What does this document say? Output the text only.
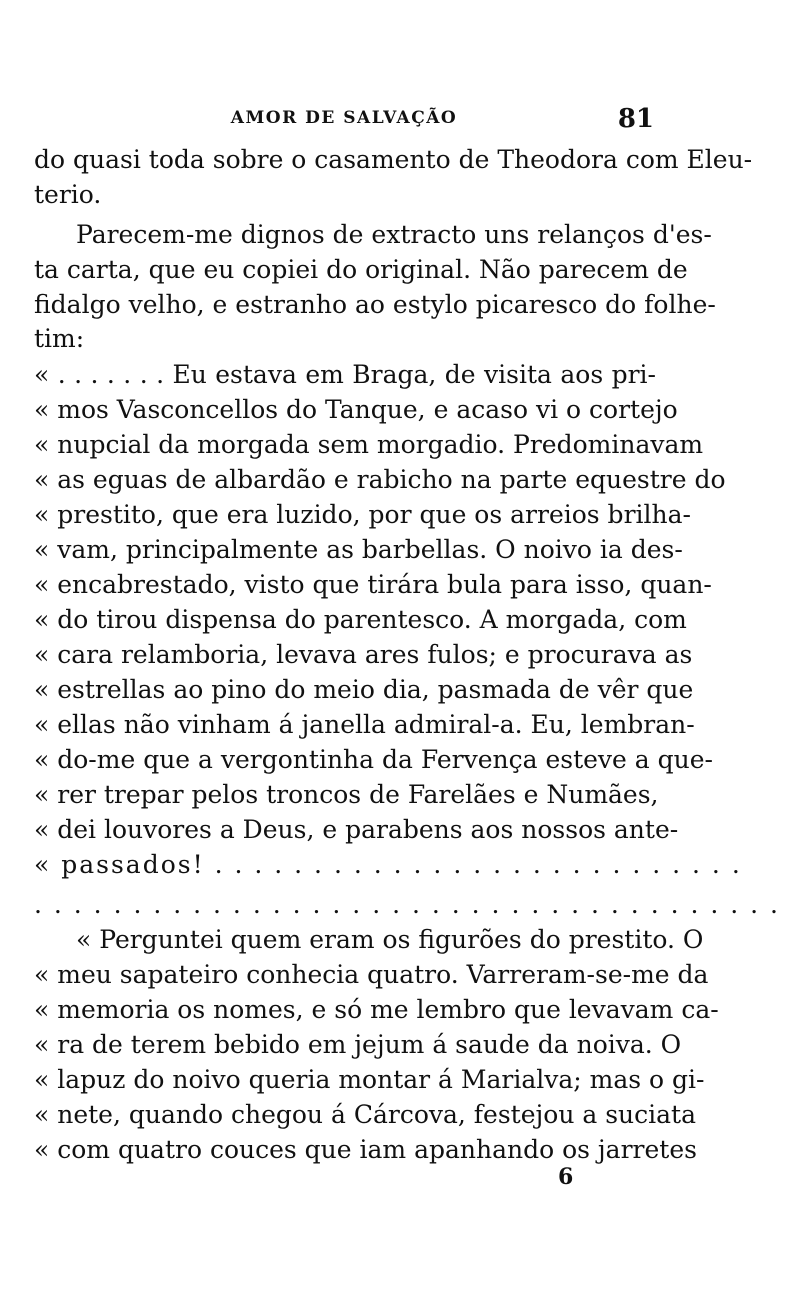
AMOR DE SALVAÇÃO	81
do quasi toda sobre o casamento de Theodora com Eleu-
terio.
Parecem-me dignos de extracto uns relanços d'es-
ta carta, que eu copiei do original. Não parecem de
fidalgo velho, e estranho ao estylo picaresco do folhe-
tim:
« . . . . . . . Eu estava em Braga, de visita aos pri-
« mos Vasconcellos do Tanque, e acaso vi o cortejo
« nupcial da morgada sem morgadio. Predominavam
« as eguas de albardão e rabicho na parte equestre do
« prestito, que era luzido, por que os arreios brilha-
« vam, principalmente as barbellas. O noivo ia des-
« encabrestado, visto que tirára bula para isso, quan-
« do tirou dispensa do parentesco. A morgada, com
« cara relamboria, levava ares fulos; e procurava as
« estrellas ao pino do meio dia, pasmada de vêr que
« ellas não vinham á janella admiral-a. Eu, lembran-
« do-me que a vergontinha da Fervença esteve a que-
« rer trepar pelos troncos de Farelães e Numães,
« dei louvores a Deus, e parabens aos nossos ante-
« passados! . . . . . . . . . . . . . . . . . . . . . . . . . . .
. . . . . . . . . . . . . . . . . . . . . . . . . . . . . . . . . . . . . .
« Perguntei quem eram os figurões do prestito. O
« meu sapateiro conhecia quatro. Varreram-se-me da
« memoria os nomes, e só me lembro que levavam ca-
« ra de terem bebido em jejum á saude da noiva. O
« lapuz do noivo queria montar á Marialva; mas o gi-
« nete, quando chegou á Cárcova, festejou a suciata
« com quatro couces que iam apanhando os jarretes
6
